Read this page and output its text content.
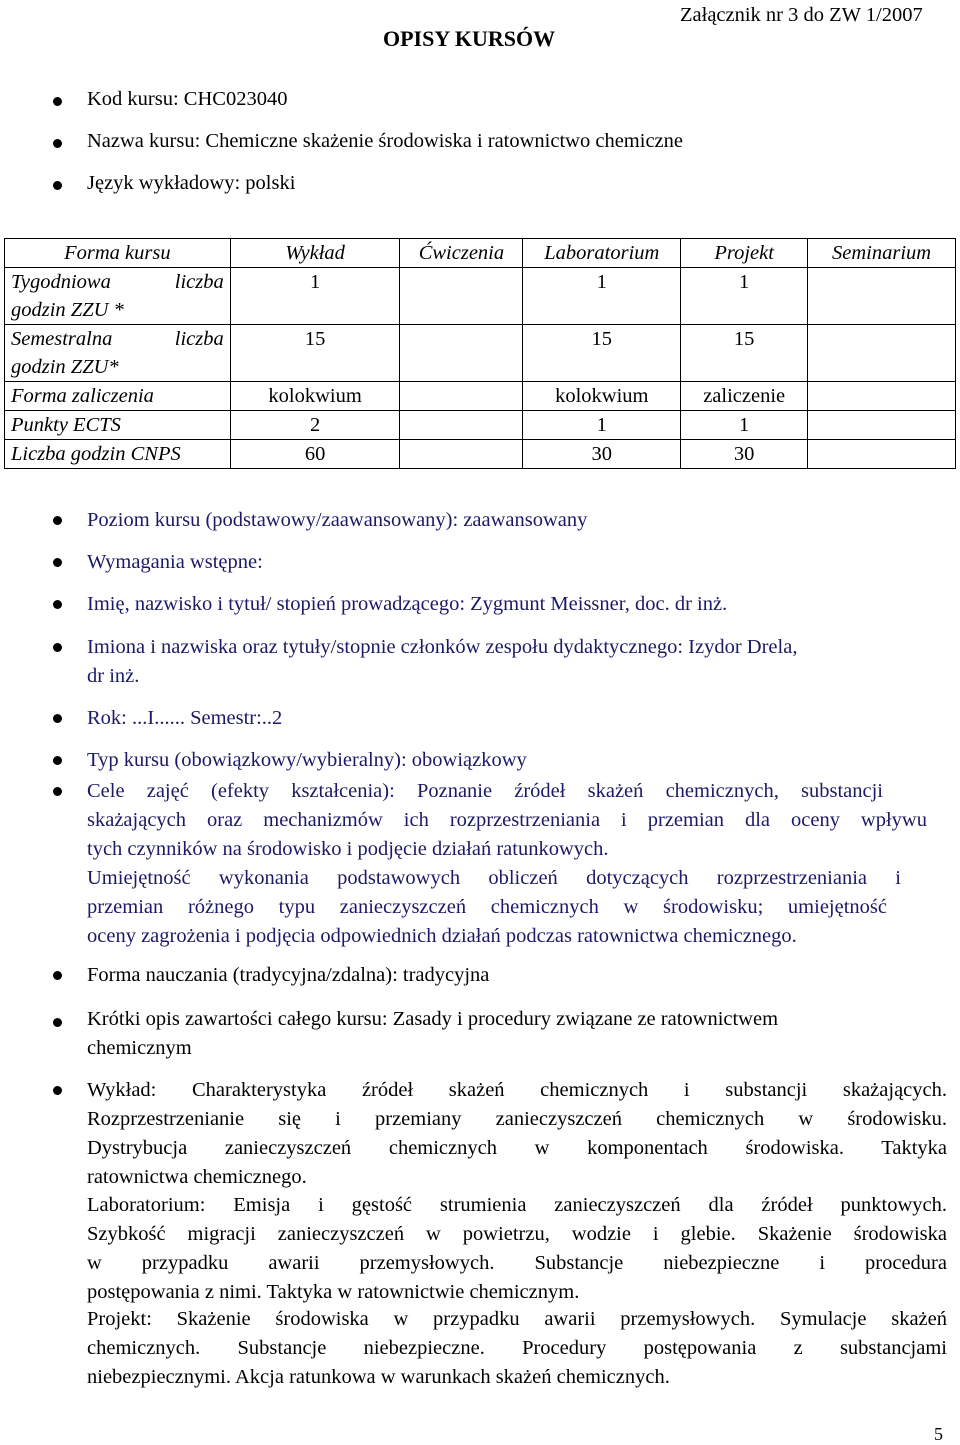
Załącznik nr 3 do ZW 1/2007
OPISY KURSÓW
Kod kursu: CHC023040
Nazwa kursu: Chemiczne skażenie środowiska i ratownictwo chemiczne
Język wykładowy: polski
Forma kursu	Wykład	Ćwiczenia	Laboratorium	Projekt	Seminarium

Tygodniowa liczba
godzin ZZU *	1		1	1	

Semestralna liczba
godzin ZZU*	15		15	15	
Forma zaliczenia	kolokwium		kolokwium	zaliczenie	
Punkty ECTS	2		1	1	
Liczba godzin CNPS	60		30	30	
Poziom kursu (podstawowy/zaawansowany): zaawansowany
Wymagania wstępne:
Imię, nazwisko i tytuł/ stopień prowadzącego: Zygmunt Meissner, doc. dr inż.
Imiona i nazwiska oraz tytuły/stopnie członków zespołu dydaktycznego: Izydor Drela,
dr inż.
Rok: ...I...... Semestr:..2
Typ kursu (obowiązkowy/wybieralny): obowiązkowy
Cele zajęć (efekty kształcenia): Poznanie źródeł skażeń chemicznych, substancji
skażających oraz mechanizmów ich rozprzestrzeniania i przemian dla oceny wpływu
tych czynników na środowisko i podjęcie działań ratunkowych.
Umiejętność wykonania podstawowych obliczeń dotyczących rozprzestrzeniania i
przemian różnego typu zanieczyszczeń chemicznych w środowisku; umiejętność
oceny zagrożenia i podjęcia odpowiednich działań podczas ratownictwa chemicznego.
Forma nauczania (tradycyjna/zdalna): tradycyjna
Krótki opis zawartości całego kursu: Zasady i procedury związane ze ratownictwem
chemicznym
Wykład: Charakterystyka źródeł skażeń chemicznych i substancji skażających.
Rozprzestrzenianie się i przemiany zanieczyszczeń chemicznych w środowisku.
Dystrybucja zanieczyszczeń chemicznych w komponentach środowiska. Taktyka
ratownictwa chemicznego.
Laboratorium: Emisja i gęstość strumienia zanieczyszczeń dla źródeł punktowych.
Szybkość migracji zanieczyszczeń w powietrzu, wodzie i glebie. Skażenie środowiska
w przypadku awarii przemysłowych. Substancje niebezpieczne i procedura
postępowania z nimi. Taktyka w ratownictwie chemicznym.
Projekt: Skażenie środowiska w przypadku awarii przemysłowych. Symulacje skażeń
chemicznych. Substancje niebezpieczne. Procedury postępowania z substancjami
niebezpiecznymi. Akcja ratunkowa w warunkach skażeń chemicznych.
5
